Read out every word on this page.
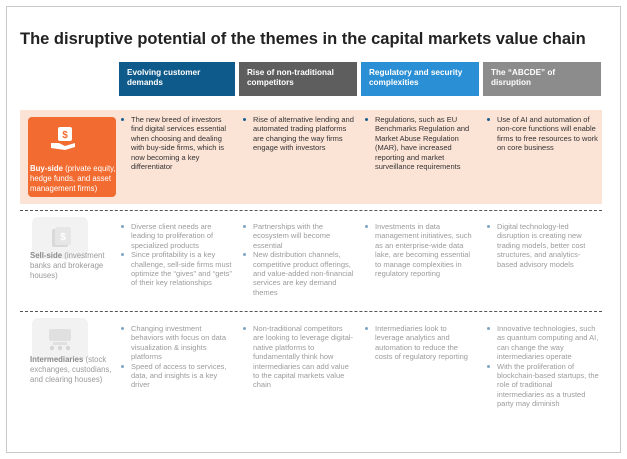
The disruptive potential of the themes in the capital markets value chain
Evolving customer demands
Rise of non-traditional competitors
Regulatory and security complexities
The “ABCDE” of disruption
$
Buy-side (private equity, hedge funds, and asset management firms)
$
Sell-side (investment banks and brokerage houses)
Intermediaries (stock exchanges, custodians, and clearing houses)
The new breed of investors find digital services essential when choosing and dealing with buy-side firms, which is now becoming a key differentiator
Rise of alternative lending and automated trading platforms are changing the way firms engage with investors
Regulations, such as EU Benchmarks Regulation and Market Abuse Regulation (MAR), have increased reporting and market surveillance requirements
Use of AI and automation of non-core functions will enable firms to free resources to work on core business
Diverse client needs are leading to proliferation of specialized products
Since profitability is a key challenge, sell-side firms must optimize the “gives” and “gets” of their key relationships
Partnerships with the ecosystem will become essential
New distribution channels, competitive product offerings, and value-added non-financial services are key demand themes
Investments in data management initiatives, such as an enterprise-wide data lake, are becoming essential to manage complexities in regulatory reporting
Digital technology-led disruption is creating new trading models, better cost structures, and analytics-based advisory models
Changing investment behaviors with focus on data visualization & insights platforms
Speed of access to services, data, and insights is a key driver
Non-traditional competitors are looking to leverage digital-native platforms to fundamentally think how intermediaries can add value to the capital markets value chain
Intermediaries look to leverage analytics and automation to reduce the costs of regulatory reporting
Innovative technologies, such as quantum computing and AI, can change the way intermediaries operate
With the proliferation of blockchain-based startups, the role of traditional intermediaries as a trusted party may diminish
